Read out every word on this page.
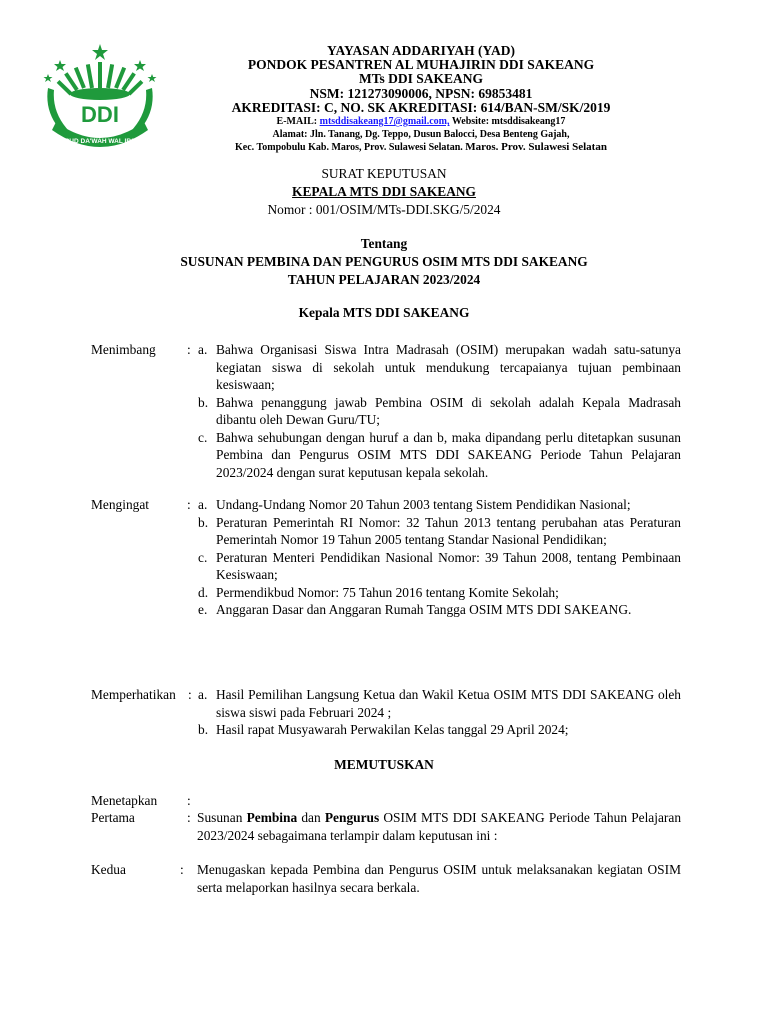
DDI
DARUD DA'WAH WAL IRSAD
YAYASAN ADDARIYAH (YAD)
PONDOK PESANTREN AL MUHAJIRIN DDI SAKEANG
MTs DDI SAKEANG
NSM: 121273090006, NPSN: 69853481
AKREDITASI: C, NO. SK AKREDITASI: 614/BAN-SM/SK/2019
E-MAIL: mtsddisakeang17@gmail.com, Website: mtsddisakeang17
Alamat: Jln. Tanang, Dg. Teppo, Dusun Balocci, Desa Benteng Gajah,
Kec. Tompobulu Kab. Maros, Prov. Sulawesi Selatan. Maros. Prov. Sulawesi Selatan
SURAT KEPUTUSAN
KEPALA MTS DDI SAKEANG
Nomor : 001/OSIM/MTs-DDI.SKG/5/2024
Tentang
SUSUNAN PEMBINA DAN PENGURUS OSIM MTS DDI SAKEANG
TAHUN PELAJARAN 2023/2024
Kepala MTS DDI SAKEANG
Menimbang : a. Bahwa Organisasi Siswa Intra Madrasah (OSIM) merupakan wadah satu-satunya kegiatan siswa di sekolah untuk mendukung tercapaianya tujuan pembinaan kesiswaan;
b. Bahwa penanggung jawab Pembina OSIM di sekolah adalah Kepala Madrasah dibantu oleh Dewan Guru/TU;
c. Bahwa sehubungan dengan huruf a dan b, maka dipandang perlu ditetapkan susunan Pembina dan Pengurus OSIM MTS DDI SAKEANG Periode Tahun Pelajaran 2023/2024 dengan surat keputusan kepala sekolah.
Mengingat	: a. Undang-Undang Nomor 20 Tahun 2003 tentang Sistem Pendidikan Nasional;
b. Peraturan Pemerintah RI Nomor: 32 Tahun 2013 tentang perubahan atas Peraturan Pemerintah Nomor 19 Tahun 2005 tentang Standar Nasional Pendidikan;
c. Peraturan Menteri Pendidikan Nasional Nomor: 39 Tahun 2008, tentang Pembinaan Kesiswaan;
d. Permendikbud Nomor: 75 Tahun 2016 tentang Komite Sekolah;
e. Anggaran Dasar dan Anggaran Rumah Tangga OSIM MTS DDI SAKEANG.
Memperhatikan : a. Hasil Pemilihan Langsung Ketua dan Wakil Ketua OSIM MTS DDI SAKEANG oleh siswa siswi pada Februari 2024 ;
b. Hasil rapat Musyawarah Perwakilan Kelas tanggal 29 April 2024;
MEMUTUSKAN
Menetapkan :
Pertama	: Susunan Pembina dan Pengurus OSIM MTS DDI SAKEANG Periode Tahun Pelajaran 2023/2024 sebagaimana terlampir dalam keputusan ini :
Kedua	: Menugaskan kepada Pembina dan Pengurus OSIM untuk melaksanakan kegiatan OSIM serta melaporkan hasilnya secara berkala.
